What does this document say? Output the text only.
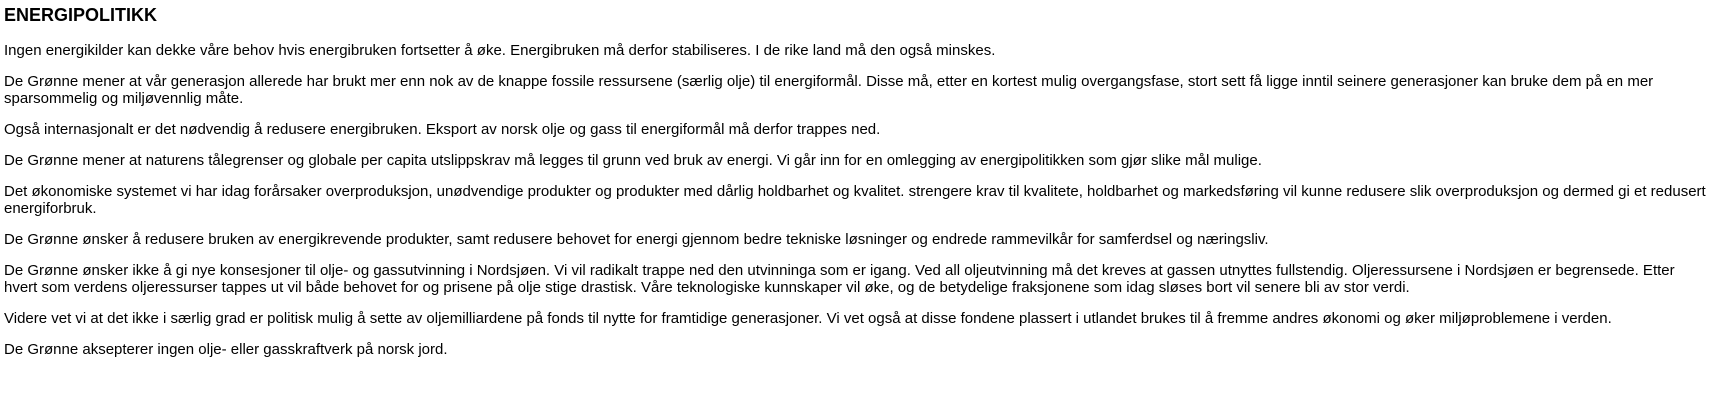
ENERGIPOLITIKK

Ingen energikilder kan dekke våre behov hvis energibruken fortsetter å øke. Energibruken må derfor stabiliseres. I de rike land må den også minskes.

De Grønne mener at vår generasjon allerede har brukt mer enn nok av de knappe fossile ressursene (særlig olje) til energiformål. Disse må, etter en kortest mulig overgangsfase, stort sett få ligge inntil seinere generasjoner kan bruke dem på en mer sparsommelig og miljøvennlig måte.

Også internasjonalt er det nødvendig å redusere energibruken. Eksport av norsk olje og gass til energiformål må derfor trappes ned.

De Grønne mener at naturens tålegrenser og globale per capita utslippskrav må legges til grunn ved bruk av energi. Vi går inn for en omlegging av energipolitikken som gjør slike mål mulige.

Det økonomiske systemet vi har idag forårsaker overproduksjon, unødvendige produkter og produkter med dårlig holdbarhet og kvalitet. strengere krav til kvalitete, holdbarhet og markedsføring vil kunne redusere slik overproduksjon og dermed gi et redusert energiforbruk.

De Grønne ønsker å redusere bruken av energikrevende produkter, samt redusere behovet for energi gjennom bedre tekniske løsninger og endrede rammevilkår for samferdsel og næringsliv.

De Grønne ønsker ikke å gi nye konsesjoner til olje- og gassutvinning i Nordsjøen. Vi vil radikalt trappe ned den utvinninga som er igang. Ved all oljeutvinning må det kreves at gassen utnyttes fullstendig. Oljeressursene i Nordsjøen er begrensede. Etter hvert som verdens oljeressurser tappes ut vil både behovet for og prisene på olje stige drastisk. Våre teknologiske kunnskaper vil øke, og de betydelige fraksjonene som idag sløses bort vil senere bli av stor verdi.

Videre vet vi at det ikke i særlig grad er politisk mulig å sette av oljemilliardene på fonds til nytte for framtidige generasjoner. Vi vet også at disse fondene plassert i utlandet brukes til å fremme andres økonomi og øker miljøproblemene i verden.

De Grønne aksepterer ingen olje- eller gasskraftverk på norsk jord.
